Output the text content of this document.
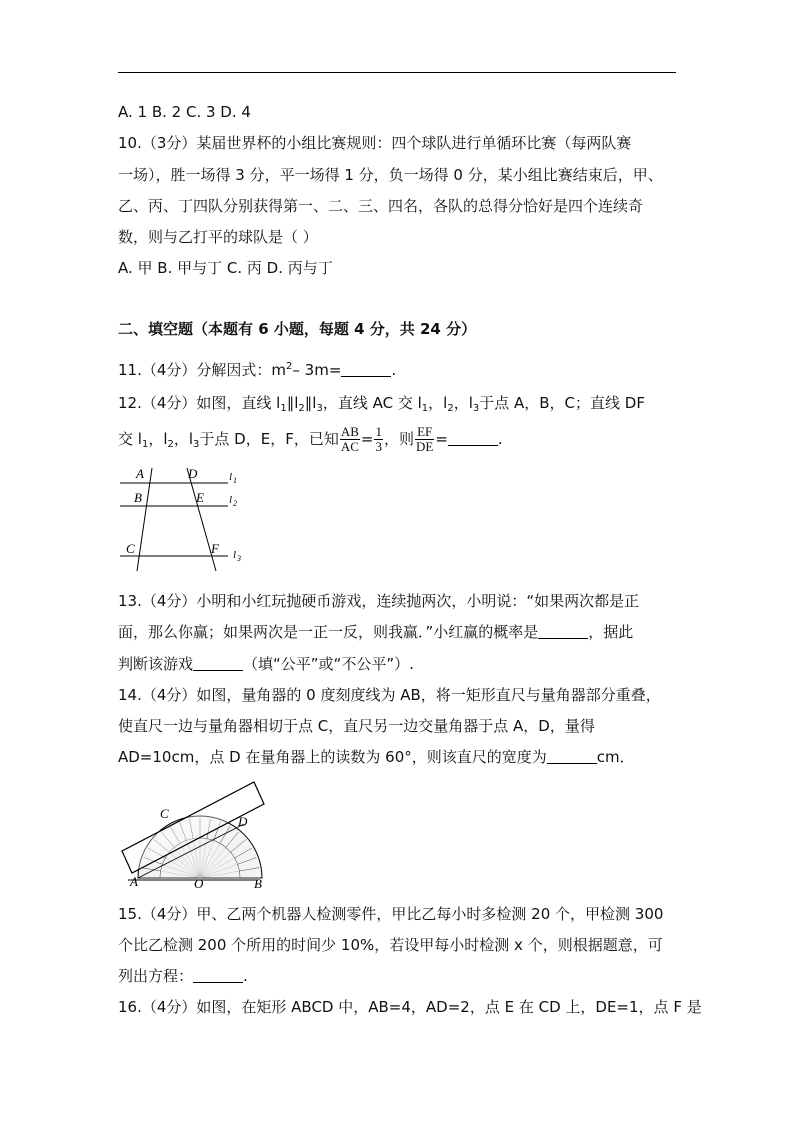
A. 1 B. 2 C. 3 D. 4
10.（3分）某届世界杯的小组比赛规则：四个球队进行单循环比赛（每两队赛
一场），胜一场得 3 分，平一场得 1 分，负一场得 0 分，某小组比赛结束后，甲、
乙、丙、丁四队分别获得第一、二、三、四名，各队的总得分恰好是四个连续奇
数，则与乙打平的球队是（ ）
A. 甲 B. 甲与丁 C. 丙 D. 丙与丁
二、填空题（本题有 6 小题，每题 4 分，共 24 分）
11.（4分）分解因式：$m^2-$ 3m=	.
12.（4分）如图，直线 $l_1\parallel l_2\parallel l_3$，直线 AC 交 $l_1$，$l_2$，$l_3$于点 A，B，C；直线 DF
交 $l_1$，$l_2$，$l_3$于点 D，E，F，已知 $\frac{AB}{AC} = \frac{1}{3}$ ，则 $\frac{EF}{DE}$ =	.
A
B
C
D
E
F
l 1
l 2
l 3
13.（4分）小明和小红玩抛硬币游戏，连续抛两次，小明说：“如果两次都是正
面，那么你赢；如果两次是一正一反，则我赢．”小红赢的概率是	，据此
判断该游戏	（填“公平”或“不公平”）.
14.（4分）如图，量角器的 0 度刻度线为 AB，将一矩形直尺与量角器部分重叠，
使直尺一边与量角器相切于点 C，直尺另一边交量角器于点 A，D，量得
AD=10cm，点 D 在量角器上的读数为 60°，则该直尺的宽度为	cm．
A	O	B
C
D
15.（4分）甲、乙两个机器人检测零件，甲比乙每小时多检测 20 个，甲检测 300
个比乙检测 200 个所用的时间少 10%，若设甲每小时检测 x 个，则根据题意，可
列出方程：	.
16.（4分）如图，在矩形 ABCD 中，AB=4，AD=2，点 E 在 CD 上，DE=1，点 F 是
